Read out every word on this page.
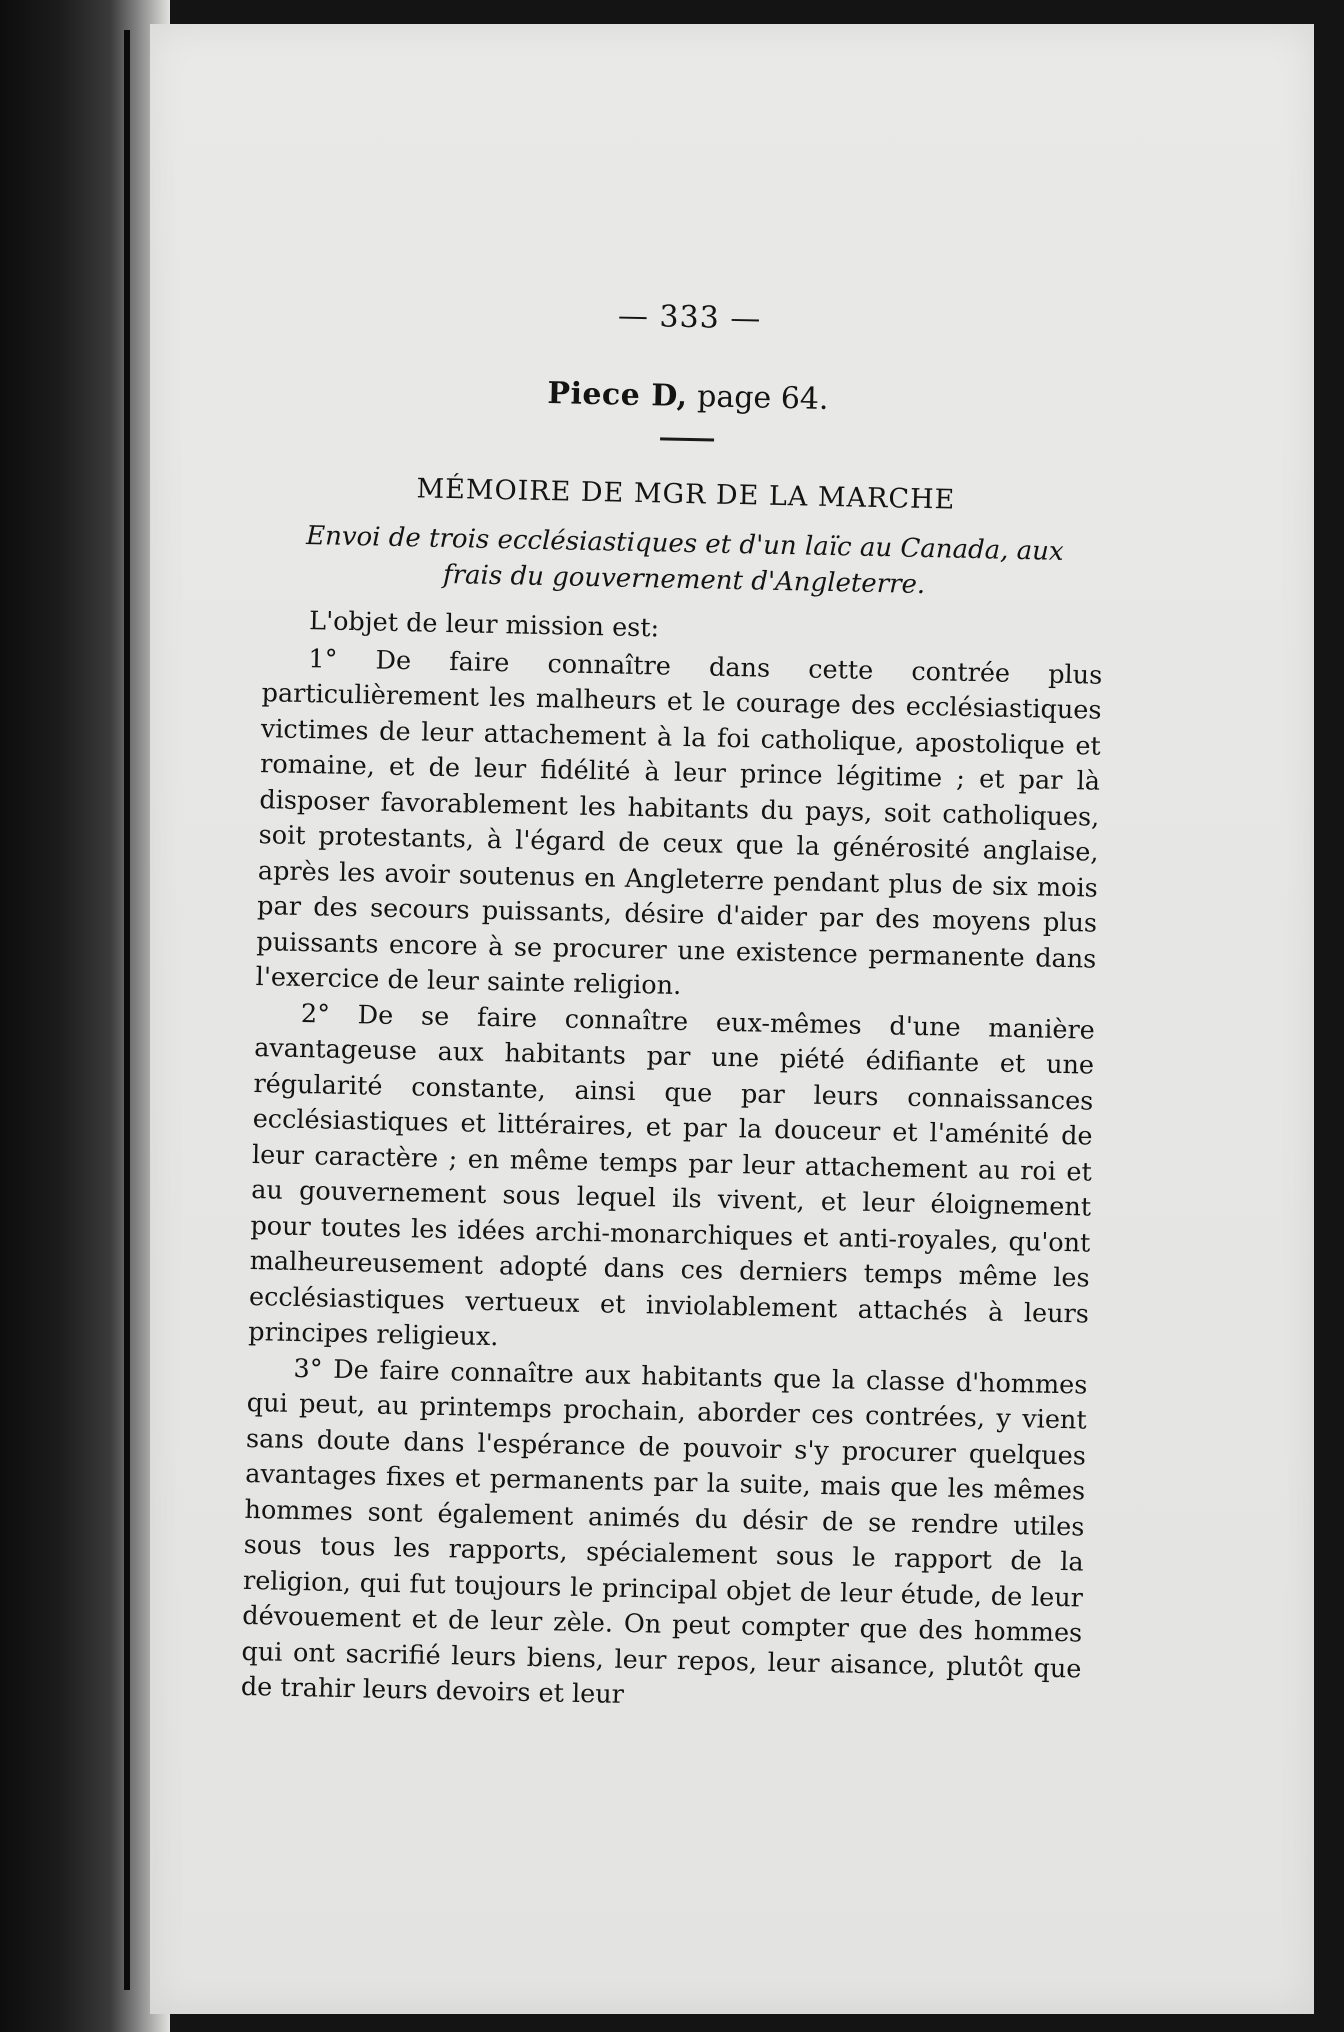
— 333 —
Piece D, page 64.
MÉMOIRE DE MGR DE LA MARCHE
Envoi de trois ecclésiastiques et d'un laïc au Canada, aux frais du gouvernement d'Angleterre.

L'objet de leur mission est:

1° De faire connaître dans cette contrée plus particulièrement les malheurs et le courage des ecclésiastiques victimes de leur attachement à la foi catholique, apostolique et romaine, et de leur fidélité à leur prince légitime ; et par là disposer favorablement les habitants du pays, soit catholiques, soit protestants, à l'égard de ceux que la générosité anglaise, après les avoir soutenus en Angleterre pendant plus de six mois par des secours puissants, désire d'aider par des moyens plus puissants encore à se procurer une existence permanente dans l'exercice de leur sainte religion.

2° De se faire connaître eux-mêmes d'une manière avantageuse aux habitants par une piété édifiante et une régularité constante, ainsi que par leurs connaissances ecclésiastiques et littéraires, et par la douceur et l'aménité de leur caractère ; en même temps par leur attachement au roi et au gouvernement sous lequel ils vivent, et leur éloignement pour toutes les idées archi-monarchiques et anti-royales, qu'ont malheureusement adopté dans ces derniers temps même les ecclésiastiques vertueux et inviolablement attachés à leurs principes religieux.

3° De faire connaître aux habitants que la classe d'hommes qui peut, au printemps prochain, aborder ces contrées, y vient sans doute dans l'espérance de pouvoir s'y procurer quelques avantages fixes et permanents par la suite, mais que les mêmes hommes sont également animés du désir de se rendre utiles sous tous les rapports, spécialement sous le rapport de la religion, qui fut toujours le principal objet de leur étude, de leur dévouement et de leur zèle. On peut compter que des hommes qui ont sacrifié leurs biens, leur repos, leur aisance, plutôt que de trahir leurs devoirs et leur
